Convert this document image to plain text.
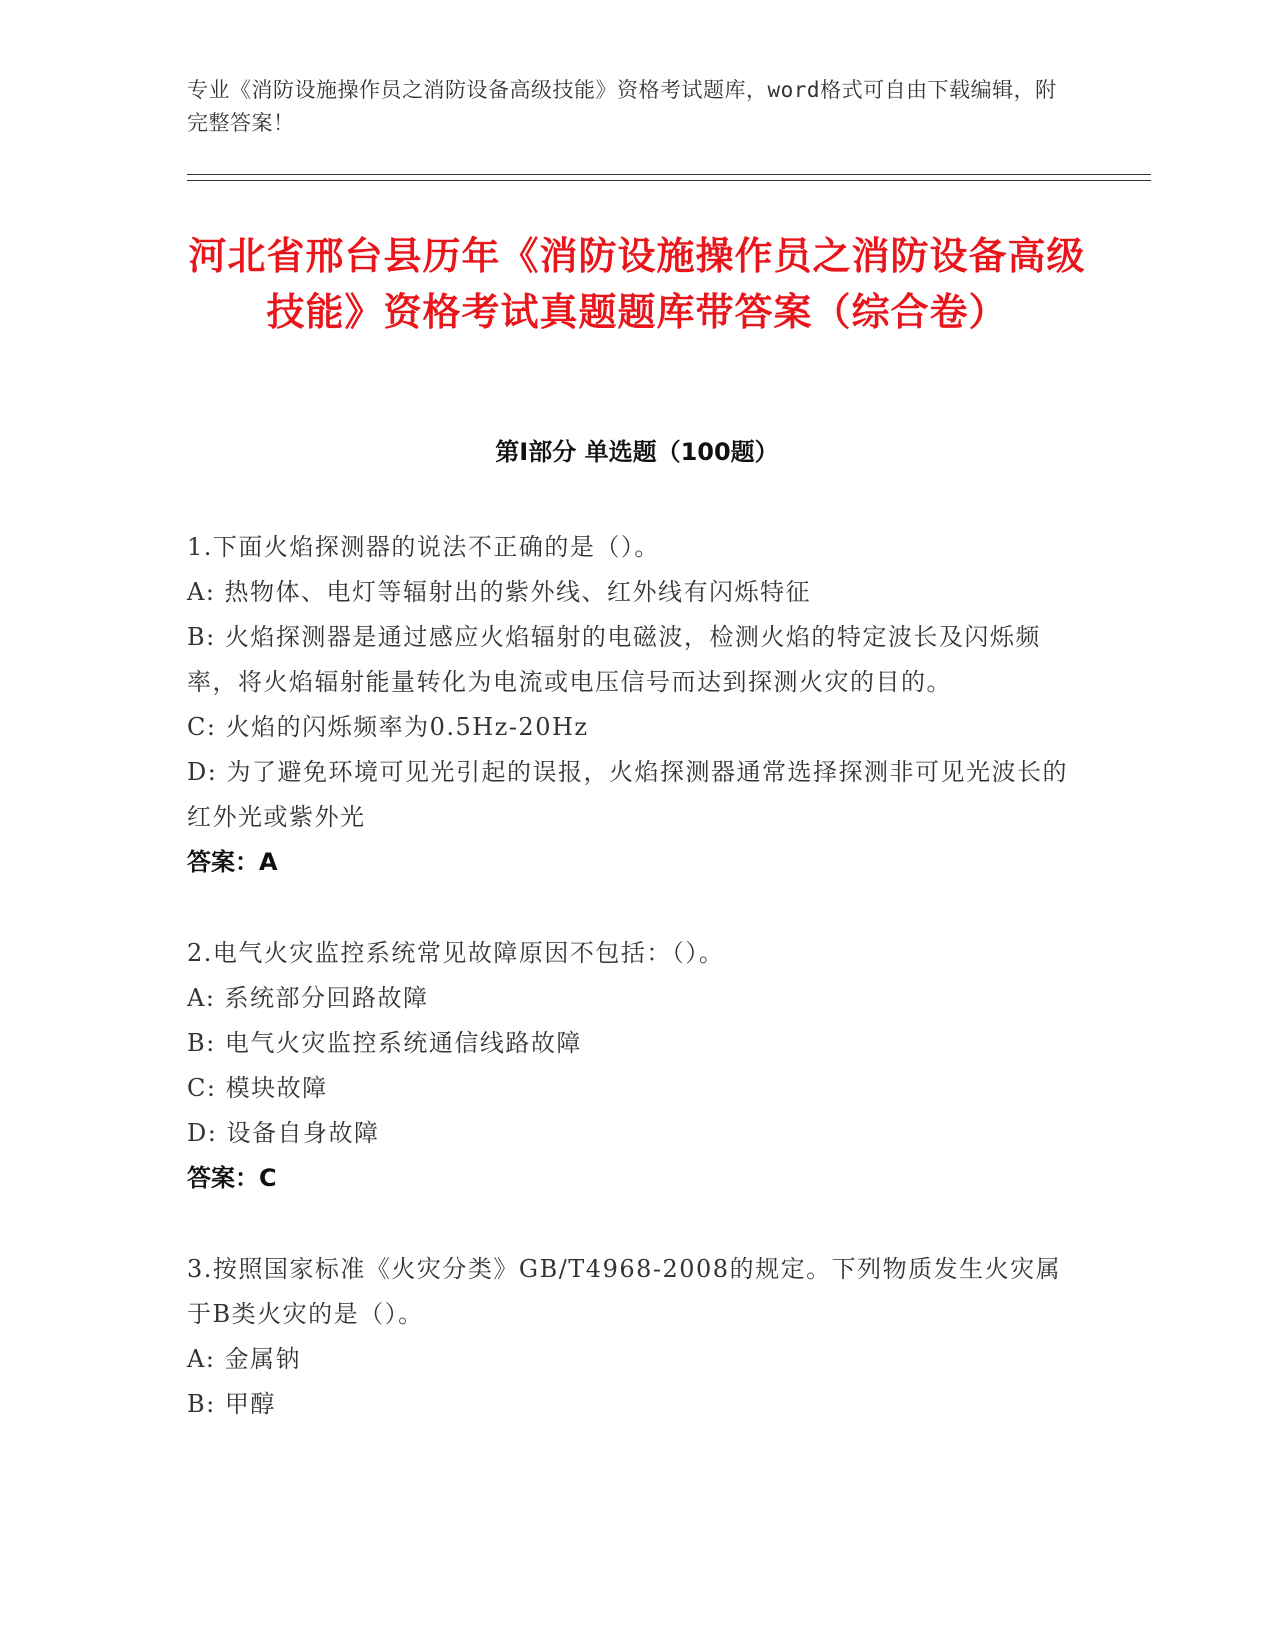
专业《消防设施操作员之消防设备高级技能》资格考试题库，word格式可自由下载编辑，附完整答案！
河北省邢台县历年《消防设施操作员之消防设备高级技能》资格考试真题题库带答案（综合卷）
第Ⅰ部分 单选题（100题）
1.下面火焰探测器的说法不正确的是（）。
A: 热物体、电灯等辐射出的紫外线、红外线有闪烁特征
B: 火焰探测器是通过感应火焰辐射的电磁波，检测火焰的特定波长及闪烁频率，将火焰辐射能量转化为电流或电压信号而达到探测火灾的目的。
C: 火焰的闪烁频率为0.5Hz-20Hz
D: 为了避免环境可见光引起的误报，火焰探测器通常选择探测非可见光波长的红外光或紫外光
答案：A
2.电气火灾监控系统常见故障原因不包括：（）。
A: 系统部分回路故障
B: 电气火灾监控系统通信线路故障
C: 模块故障
D: 设备自身故障
答案：C
3.按照国家标准《火灾分类》GB/T4968-2008的规定。下列物质发生火灾属于B类火灾的是（）。
A: 金属钠
B: 甲醇
